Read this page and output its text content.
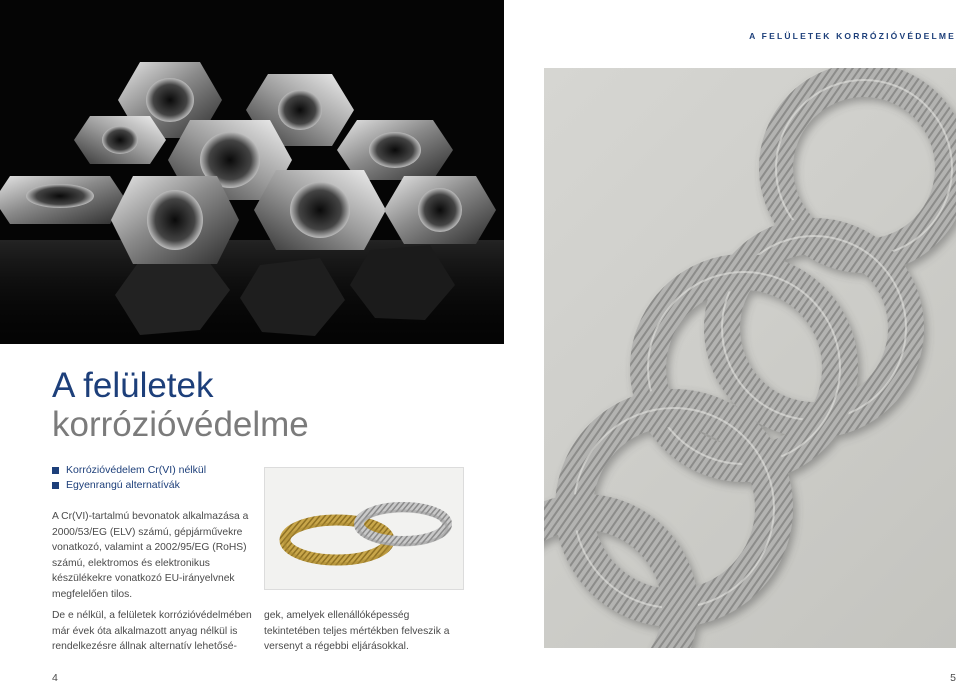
A FELÜLETEK KORRÓZIÓVÉDELME
A felületek
korrózióvédelme
Korrózióvédelem Cr(VI) nélkül
Egyenrangú alternatívák

A Cr(VI)-tartalmú bevonatok alkalmazása a 2000/53/EG (ELV) számú, gépjárművekre vonatkozó, valamint a 2002/95/EG (RoHS) számú, elektromos és elektronikus készülékekre vonatkozó EU-irányelvnek megfelelően tilos.

De e nélkül, a felületek korrózióvédelmében már évek óta alkalmazott anyag nélkül is rendelkezésre állnak alternatív lehetősé-

gek, amelyek ellenállóképesség tekintetében teljes mértékben felveszik a versenyt a régebbi eljárásokkal.

4	5
